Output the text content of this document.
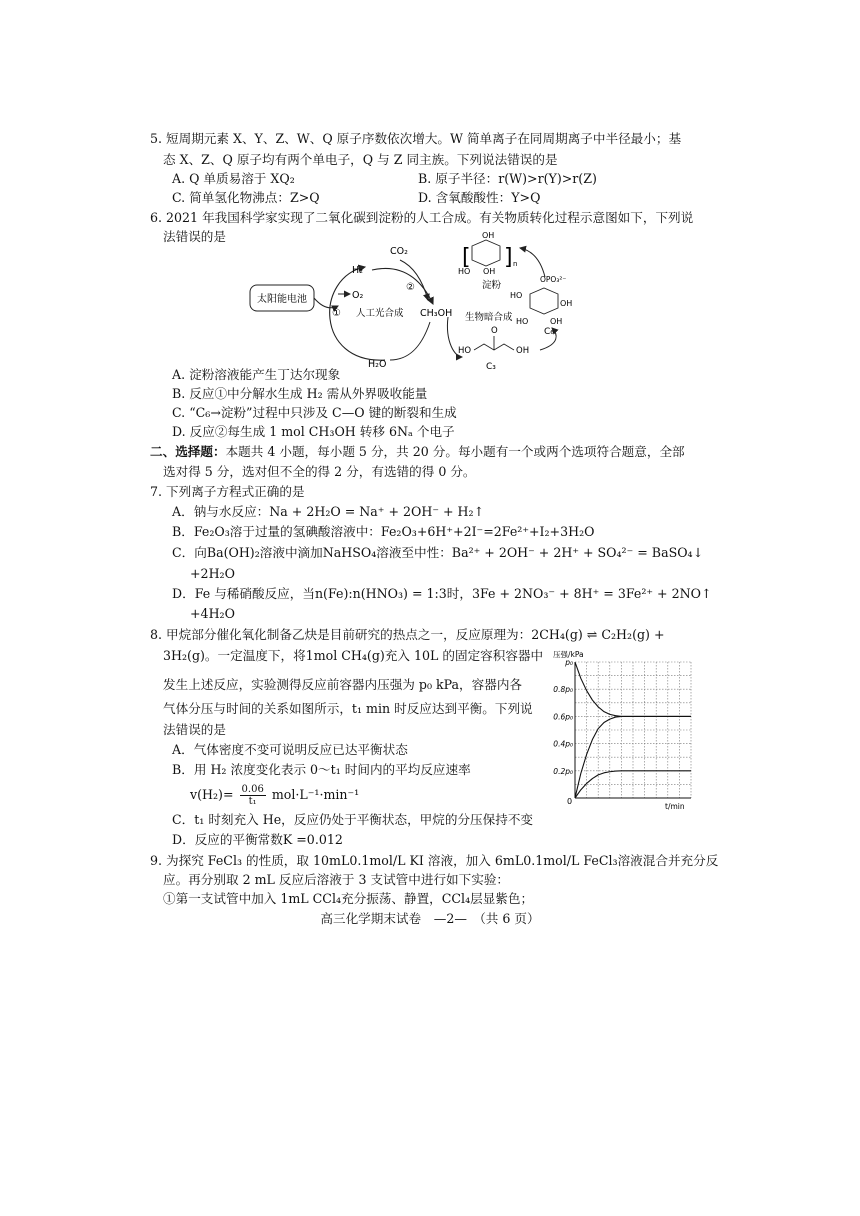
5. 短周期元素 X、Y、Z、W、Q 原子序数依次增大。W 简单离子在同周期离子中半径最小；基
态 X、Z、Q 原子均有两个单电子，Q 与 Z 同主族。下列说法错误的是
A. Q 单质易溶于 XQ₂	B. 原子半径：r(W)>r(Y)>r(Z)
C. 简单氢化物沸点：Z>Q	D. 含氧酸酸性：Y>Q
6. 2021 年我国科学家实现了二氧化碳到淀粉的人工合成。有关物质转化过程示意图如下，下列说
法错误的是
太阳能电池
CO₂
H₂
O₂
①
②
人工光合成 CH₃OH
H₂O
生物暗合成
HO
O
OH
C₃
OPO₃²⁻
HO
OH
HO	OH
C₆
[ ] n
OH
HO OH
淀粉
A. 淀粉溶液能产生丁达尔现象
B. 反应①中分解水生成 H₂ 需从外界吸收能量
C. “C₆→淀粉”过程中只涉及 C—O 键的断裂和生成
D. 反应②每生成 1 mol CH₃OH 转移 6Nₐ 个电子
二、选择题：本题共 4 小题，每小题 5 分，共 20 分。每小题有一个或两个选项符合题意，全部
选对得 5 分，选对但不全的得 2 分，有选错的得 0 分。
7. 下列离子方程式正确的是
A．钠与水反应：Na + 2H₂O = Na⁺ + 2OH⁻ + H₂↑
B．Fe₂O₃溶于过量的氢碘酸溶液中：Fe₂O₃+6H⁺+2I⁻=2Fe²⁺+I₂+3H₂O
C．向Ba(OH)₂溶液中滴加NaHSO₄溶液至中性：Ba²⁺ + 2OH⁻ + 2H⁺ + SO₄²⁻ = BaSO₄↓
+2H₂O
D．Fe 与稀硝酸反应，当n(Fe):n(HNO₃) = 1:3时，3Fe + 2NO₃⁻ + 8H⁺ = 3Fe²⁺ + 2NO↑
+4H₂O
8. 甲烷部分催化氧化制备乙炔是目前研究的热点之一，反应原理为：2CH₄(g) ⇌ C₂H₂(g) +
3H₂(g)。一定温度下，将1mol CH₄(g)充入 10L 的固定容积容器中
发生上述反应，实验测得反应前容器内压强为 p₀ kPa，容器内各
气体分压与时间的关系如图所示，t₁ min 时反应达到平衡。下列说
法错误的是
A．气体密度不变可说明反应已达平衡状态
B．用 H₂ 浓度变化表示 0～t₁ 时间内的平均反应速率
$v(H_2)= \frac{0.06}{\text{t₁}} mol\cdot L^{-1}\cdot\min^{-1}$
C．t₁ 时刻充入 He，反应仍处于平衡状态，甲烷的分压保持不变
D．反应的平衡常数K =0.012
压强/kPa
p₀
0.8p₀
0.6p₀
0.4p₀
0.2p₀
0
t/min
9. 为探究 FeCl₃ 的性质，取 10mL0.1mol/L KI 溶液，加入 6mL0.1mol/L FeCl₃溶液混合并充分反
应。再分别取 2 mL 反应后溶液于 3 支试管中进行如下实验：
①第一支试管中加入 1mL CCl₄充分振荡、静置，CCl₄层显紫色；
高三化学期末试卷　—2—　（共 6 页）
